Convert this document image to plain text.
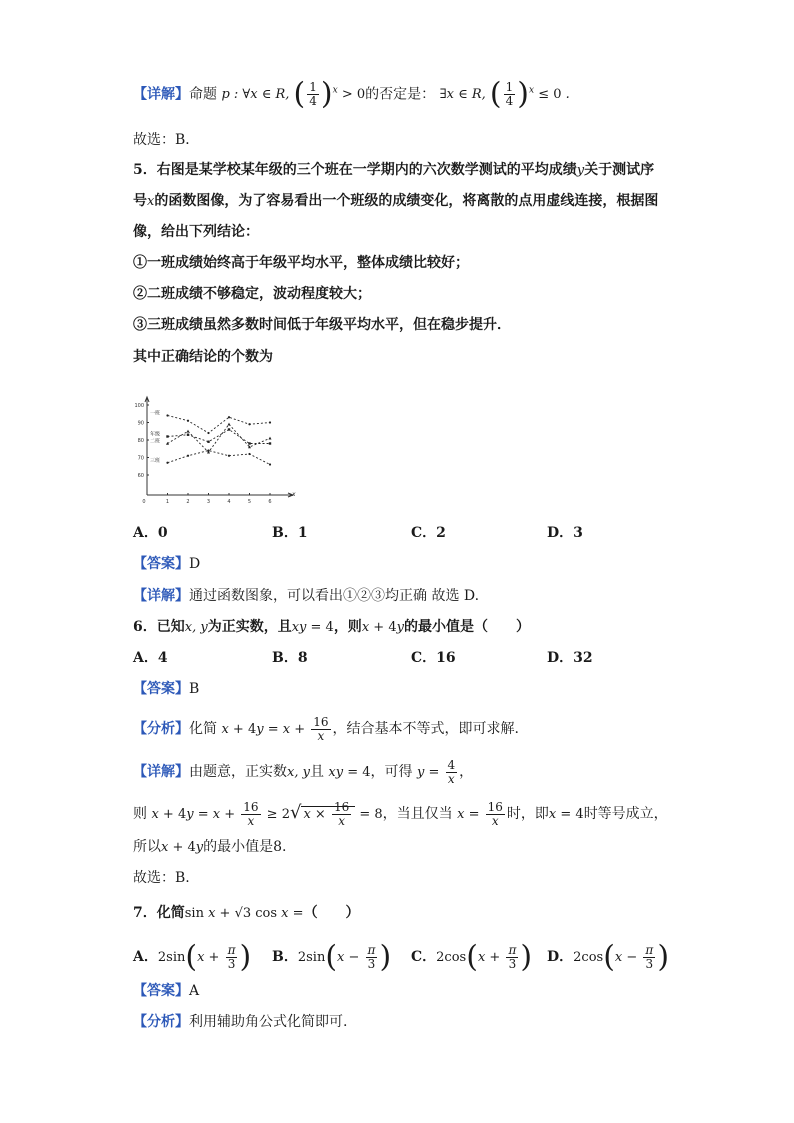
【详解】命题 p : ∀x ∈ R, ( $\frac{1}{4} )^x > 0$的否定是： ∃x ∈ R, ( $\frac{1}{4} )^x \le 0$ .
故选：B．
5．右图是某学校某年级的三个班在一学期内的六次数学测试的平均成绩y关于测试序
号x的函数图像，为了容易看出一个班级的成绩变化，将离散的点用虚线连接，根据图
像，给出下列结论：
①一班成绩始终高于年级平均水平，整体成绩比较好；
②二班成绩不够稳定，波动程度较大；
③三班成绩虽然多数时间低于年级平均水平，但在稳步提升．
其中正确结论的个数为
100
90
80
70
60
0	1	2	3	4	5	6
x
一班
年级
二班
三班
A．0	B．1	C．2	D．3
【答案】D
【详解】通过函数图象，可以看出①②③均正确 故选 D.
6．已知x, y为正实数，且xy = 4，则x + 4y的最小值是（　　）
A．4	B．8	C．16	D．32
【答案】B
【分析】化简 $x + 4y = x + \frac{16}{x}$ ，结合基本不等式，即可求解.
【详解】由题意，正实数x, y且 xy = 4，可得 $y = \frac{4}{x}$ ，
则 $x + 4y = x + \frac{16}{x} \ge 2√$ $x \times \frac{16}{x} = 8$，当且仅当 $x = \frac{16}{x}$ 时，即x = 4时等号成立，
所以x + 4y的最小值是8.
故选：B.
7．化简sin x + √3 cos x =（　　）
A．$2\sin(x + \frac{\pi}{3}$ ) B．$2\sin(x - \frac{\pi}{3}$ ) C．$2\cos(x + \frac{\pi}{3}$ ) D．$2\cos(x - \frac{\pi}{3}$ )
【答案】A
【分析】利用辅助角公式化简即可.
